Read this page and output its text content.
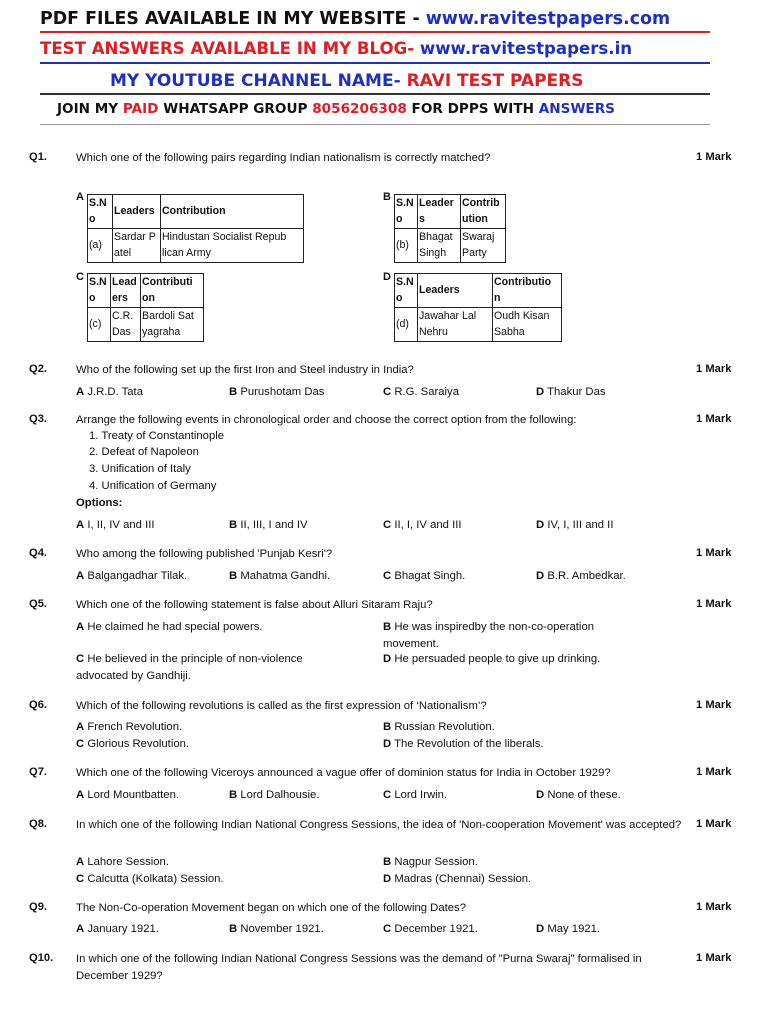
PDF FILES AVAILABLE IN MY WEBSITE - www.ravitestpapers.com
TEST ANSWERS AVAILABLE IN MY BLOG- www.ravitestpapers.in
MY YOUTUBE CHANNEL NAME- RAVI TEST PAPERS
JOIN MY PAID WHATSAPP GROUP 8056206308 FOR DPPS WITH ANSWERS
Q1.	Which one of the following pairs regarding Indian nationalism is correctly matched?	1 Mark
A S.N o	Leaders	Contribution
(a)	Sardar P atel	Hindustan Socialist Repub lican Army
B S.N o	Leader s	Contrib ution
(b)	Bhagat Singh	Swaraj Party
C S.N o	Lead ers	Contributi on
(c)	C.R. Das	Bardoli Sat yagraha
D S.N o	Leaders	Contributio n
(d)	Jawahar Lal Nehru	Oudh Kisan Sabha
Q2.	Who of the following set up the first Iron and Steel industry in India?	1 Mark
A J.R.D. Tata	B Purushotam Das	C R.G. Saraiya	D Thakur Das
Q3.	Arrange the following events in chronological order and choose the correct option from the following:	1 Mark
1. Treaty of Constantinople
2. Defeat of Napoleon
3. Unification of Italy
4. Unification of Germany
Options:
A I, II, IV and III	B II, III, I and IV	C II, I, IV and III	D IV, I, III and II
Q4.	Who among the following published 'Punjab Kesri'?	1 Mark
A Balgangadhar Tilak.	B Mahatma Gandhi.	C Bhagat Singh.	D B.R. Ambedkar.
Q5.	Which one of the following statement is false about Alluri Sitaram Raju?	1 Mark
A He claimed he had special powers.	B He was inspiredby the non-co-operation movement.
C He believed in the principle of non-violence advocated by Gandhiji.
D He persuaded people to give up drinking.
Q6.	Which of the following revolutions is called as the first expression of ‘Nationalism’?	1 Mark
A French Revolution.	B Russian Revolution.
C Glorious Revolution.	D The Revolution of the liberals.
Q7.	Which one of the following Viceroys announced a vague offer of dominion status for India in October 1929?	1 Mark
A Lord Mountbatten.	B Lord Dalhousie.	C Lord Irwin.	D None of these.
Q8.	In which one of the following Indian National Congress Sessions, the idea of 'Non-cooperation Movement' was accepted?	1 Mark
A Lahore Session.	B Nagpur Session.
C Calcutta (Kolkata) Session.	D Madras (Chennai) Session.
Q9.	The Non-Co-operation Movement began on which one of the following Dates?	1 Mark
A January 1921.	B November 1921.	C December 1921.	D May 1921.
Q10. In which one of the following Indian National Congress Sessions was the demand of "Purna Swaraj" formalised in December 1929?
1 Mark
